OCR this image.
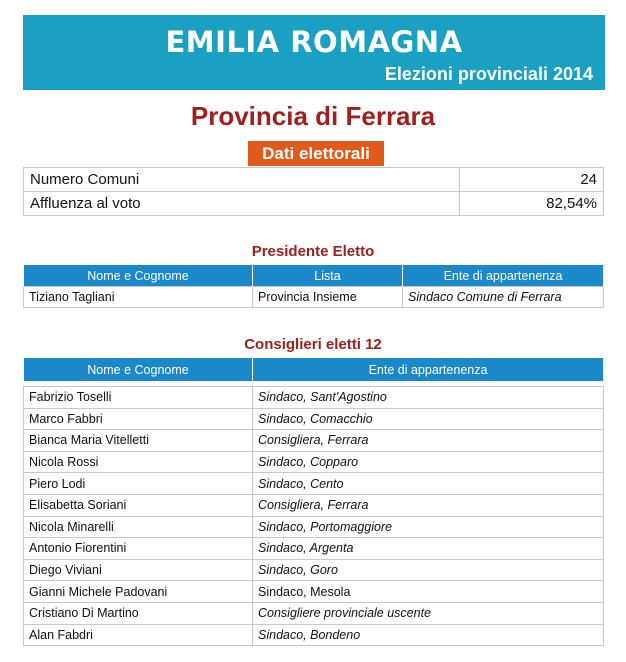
EMILIA ROMAGNA
Elezioni provinciali 2014
Provincia di Ferrara
Dati elettorali
Numero Comuni	24
Affluenza al voto	82,54%
Presidente Eletto
Nome e Cognome	Lista	Ente di appartenenza
Tiziano Tagliani	Provincia Insieme	Sindaco Comune di Ferrara
Consiglieri eletti 12
Nome e Cognome	Ente di appartenenza

Fabrizio Toselli	Sindaco, Sant'Agostino
Marco Fabbri	Sindaco, Comacchio
Bianca Maria Vitelletti	Consigliera, Ferrara
Nicola Rossi	Sindaco, Copparo
Piero Lodi	Sindaco, Cento
Elisabetta Soriani	Consigliera, Ferrara
Nicola Minarelli	Sindaco, Portomaggiore
Antonio Fiorentini	Sindaco, Argenta
Diego Viviani	Sindaco, Goro
Gianni Michele Padovani	Sindaco, Mesola
Cristiano Di Martino	Consigliere provinciale uscente
Alan Fabdri	Sindaco, Bondeno
